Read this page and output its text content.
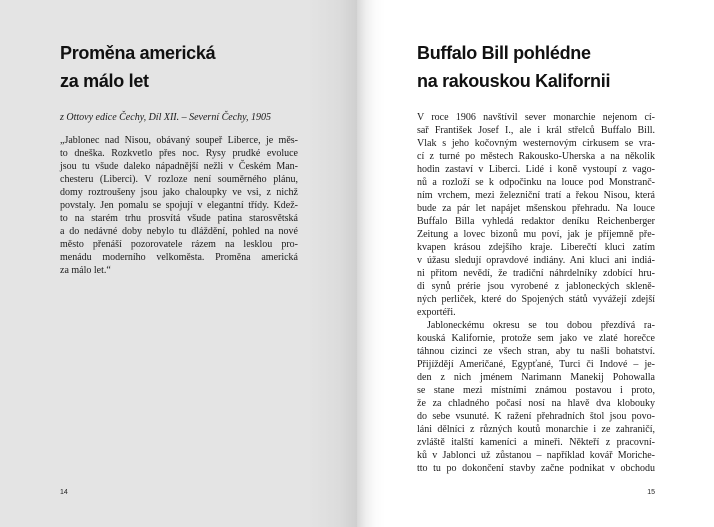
Proměna americká
za málo let

z Ottovy edice Čechy, Díl XII. – Severní Čechy, 1905

„Jablonec nad Nisou, obávaný soupeř Liberce, je měs-
to dneška. Rozkvetlo přes noc. Rysy prudké evoluce
jsou tu všude daleko nápadnější nežli v Českém Man-
chesteru (Liberci). V rozloze není souměrného plánu,
domy roztroušeny jsou jako chaloupky ve vsi, z nichž
povstaly. Jen pomalu se spojují v elegantní třídy. Kdež-
to na starém trhu prosvítá všude patina starosvětská
a do nedávné doby nebylo tu dláždění, pohled na nové
město přenáší pozorovatele rázem na lesklou pro-
menádu moderního velkoměsta. Proměna americká
za málo let.“
14
Buffalo Bill pohlédne
na rakouskou Kalifornii
V roce 1906 navštívil sever monarchie nejenom cí-
sař František Josef I., ale i král střelců Buffalo Bill.
Vlak s jeho kočovným westernovým cirkusem se vra-
cí z turné po městech Rakousko-Uherska a na několik
hodin zastaví v Liberci. Lidé i koně vystoupí z vago-
nů a rozloží se k odpočinku na louce pod Monstranč-
ním vrchem, mezi železniční tratí a řekou Nisou, která
bude za pár let napájet mšenskou přehradu. Na louce
Buffalo Billa vyhledá redaktor deníku Reichenberger
Zeitung a lovec bizonů mu poví, jak je příjemně pře-
kvapen krásou zdejšího kraje. Liberečtí kluci zatím
v úžasu sledují opravdové indiány. Ani kluci ani indiá-
ni přitom nevědí, že tradiční náhrdelníky zdobící hru-
di synů prérie jsou vyrobené z jabloneckých skleně-
ných perliček, které do Spojených států vyvážejí zdejší
exportéři.
Jabloneckému okresu se tou dobou přezdívá ra-
kouská Kalifornie, protože sem jako ve zlaté horečce
táhnou cizinci ze všech stran, aby tu našli bohatství.
Přijíždějí Američané, Egypťané, Turci či Indové – je-
den z nich jménem Narimann Manekij Pohowalla
se stane mezi místními známou postavou i proto,
že za chladného počasí nosí na hlavě dva klobouky
do sebe vsunuté. K ražení přehradních štol jsou povo-
láni dělníci z různých koutů monarchie i ze zahraničí,
zvláště italští kameníci a mineři. Někteří z pracovní-
ků v Jablonci už zůstanou – například kovář Moriche-
tto tu po dokončení stavby začne podnikat v obchodu
15
